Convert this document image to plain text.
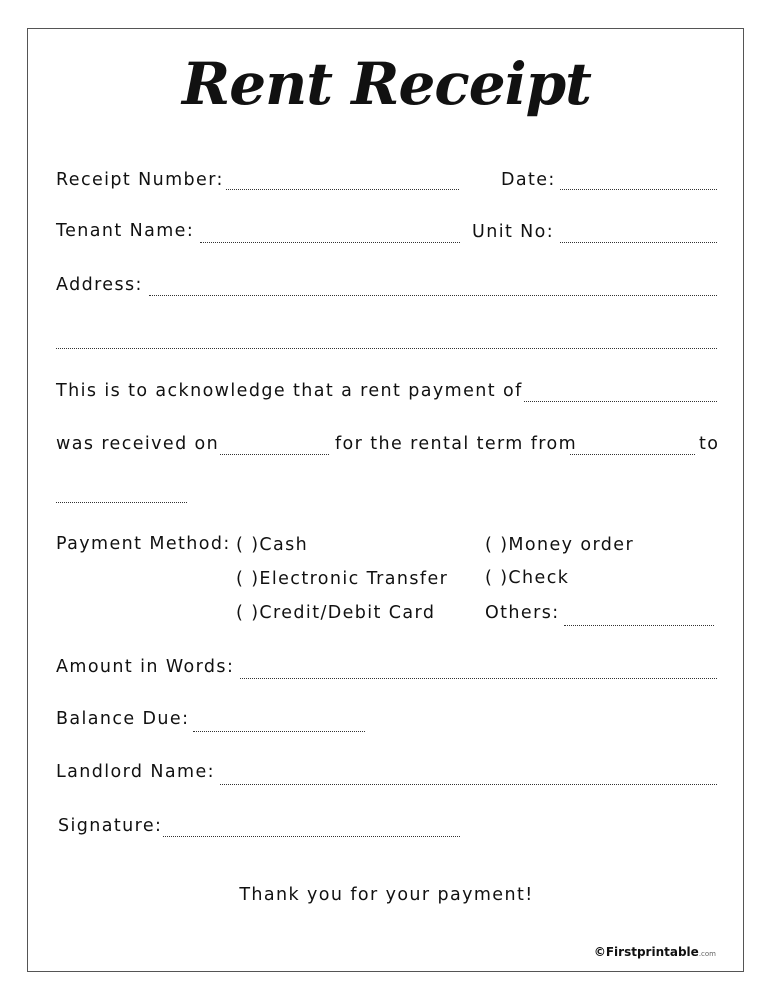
Rent Receipt
Receipt Number:	Date:
Tenant Name:	Unit No:
Address:
This is to acknowledge that a rent payment of
was received on	for the rental term from	to
Payment Method: ( )Cash	( )Money order
( )Electronic Transfer ( )Check
( )Credit/Debit Card	Others:
Amount in Words:
Balance Due:
Landlord Name:
Signature:
Thank you for your payment!
©Firstprintable.com
